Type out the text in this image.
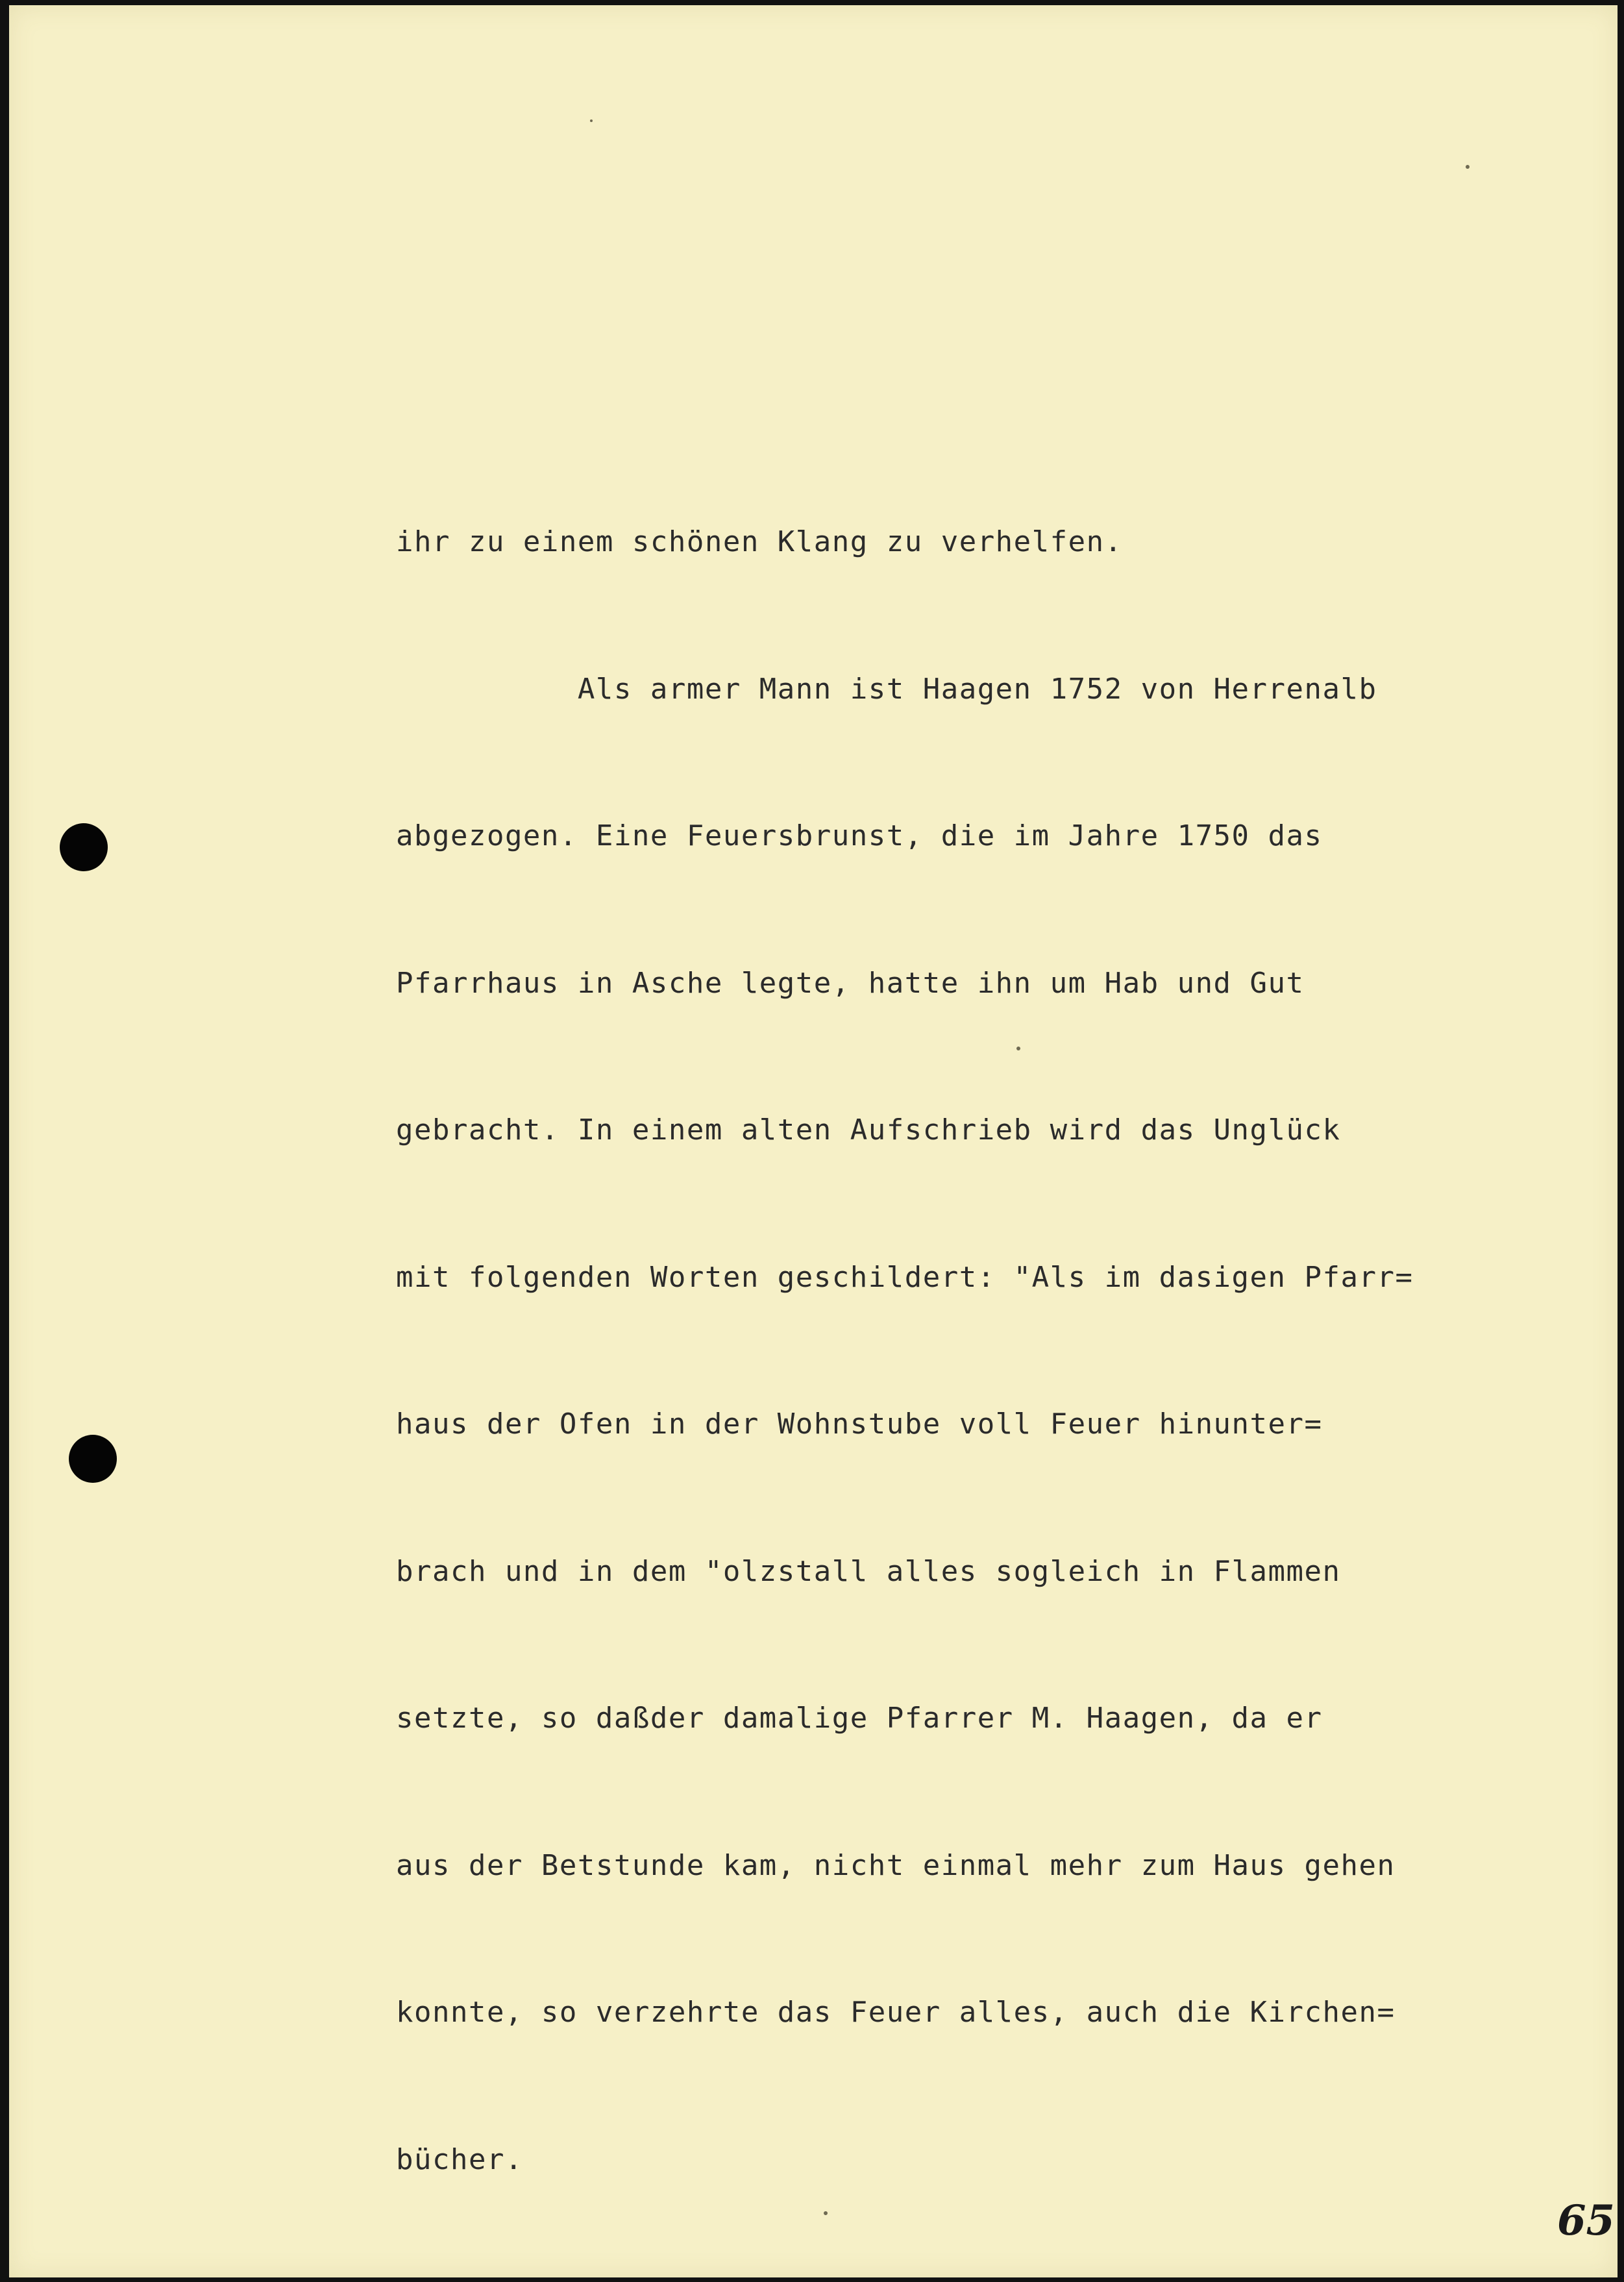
ihr zu einem schönen Klang zu verhelfen.

Als armer Mann ist Haagen 1752 von Herrenalb

abgezogen. Eine Feuersbrunst, die im Jahre 1750 das

Pfarrhaus in Asche legte, hatte ihn um Hab und Gut

gebracht. In einem alten Aufschrieb wird das Unglück

mit folgenden Worten geschildert: "Als im dasigen Pfarr=

haus der Ofen in der Wohnstube voll Feuer hinunter=

brach und in dem "olzstall alles sogleich in Flammen

setzte, so daßder damalige Pfarrer M. Haagen, da er

aus der Betstunde kam, nicht einmal mehr zum Haus gehen

konnte, so verzehrte das Feuer alles, auch die Kirchen=

bücher.

65
